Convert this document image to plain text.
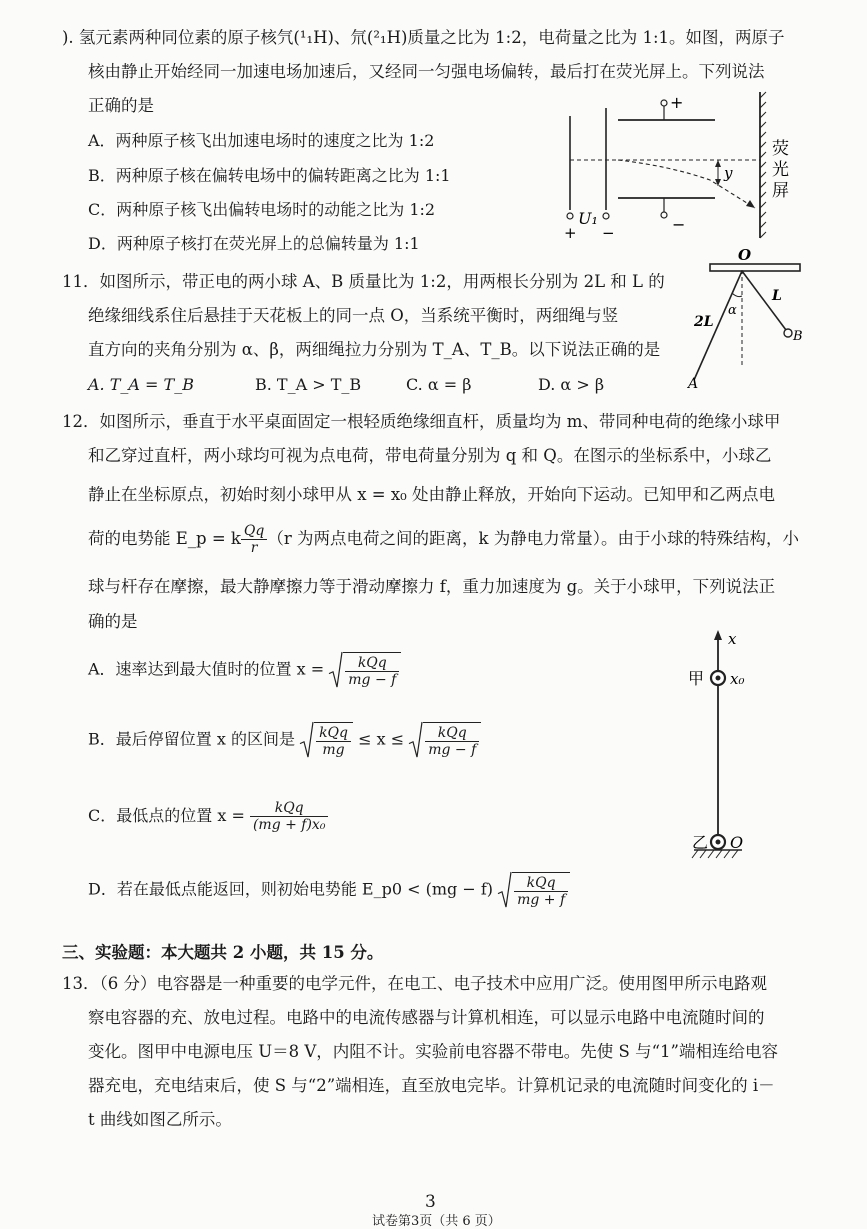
). 氢元素两种同位素的原子核氕(¹₁H)、氘(²₁H)质量之比为 1:2，电荷量之比为 1:1。如图，两原子
核由静止开始经同一加速电场加速后，又经同一匀强电场偏转，最后打在荧光屏上。下列说法
正确的是
A．两种原子核飞出加速电场时的速度之比为 1:2
B．两种原子核在偏转电场中的偏转距离之比为 1:1
C．两种原子核飞出偏转电场时的动能之比为 1:2
D．两种原子核打在荧光屏上的总偏转量为 1:1
+
−
y
U₁
+ −
荧
光
屏
11．如图所示，带正电的两小球 A、B 质量比为 1:2，用两根长分别为 2L 和 L 的
绝缘细线系住后悬挂于天花板上的同一点 O，当系统平衡时，两细绳与竖
直方向的夹角分别为 α、β，两细绳拉力分别为 T_A、T_B。以下说法正确的是
A. T_A = T_B	B. T_A > T_B	C. α = β	D. α > β
O
2L
L
α
A
B
12．如图所示，垂直于水平桌面固定一根轻质绝缘细直杆，质量均为 m、带同种电荷的绝缘小球甲
和乙穿过直杆，两小球均可视为点电荷，带电荷量分别为 q 和 Q。在图示的坐标系中，小球乙
静止在坐标原点，初始时刻小球甲从 x = x₀ 处由静止释放，开始向下运动。已知甲和乙两点电
荷的电势能 E_p = k $\frac{Qq}{r} (r$ 为两点电荷之间的距离，k 为静电力常量）。由于小球的特殊结构，小
球与杆存在摩擦，最大静摩擦力等于滑动摩擦力 f，重力加速度为 g。关于小球甲，下列说法正
确的是
A．速率达到最大值时的位置 $x = \frac{\text{kQq}}{mg - f}$
B．最后停留位置 x 的区间是 $\frac{\text{kQq}}{mg} \le x \le \frac{\text{kQq}}{mg - f}$
C．最低点的位置 $x = \frac{\text{kQq}}{\text{(mg + f)x₀}}$
D．若在最低点能返回，则初始电势能 E_p0 < $(mg - f) \frac{\text{kQq}}{mg + f}$
x
甲 x₀
乙 O
三、实验题：本大题共 2 小题，共 15 分。
13．（6 分）电容器是一种重要的电学元件，在电工、电子技术中应用广泛。使用图甲所示电路观
察电容器的充、放电过程。电路中的电流传感器与计算机相连，可以显示电路中电流随时间的
变化。图甲中电源电压 U＝8 V，内阻不计。实验前电容器不带电。先使 S 与“1”端相连给电容
器充电，充电结束后，使 S 与“2”端相连，直至放电完毕。计算机记录的电流随时间变化的 i－
t 曲线如图乙所示。
3
试卷第3页（共 6 页）
